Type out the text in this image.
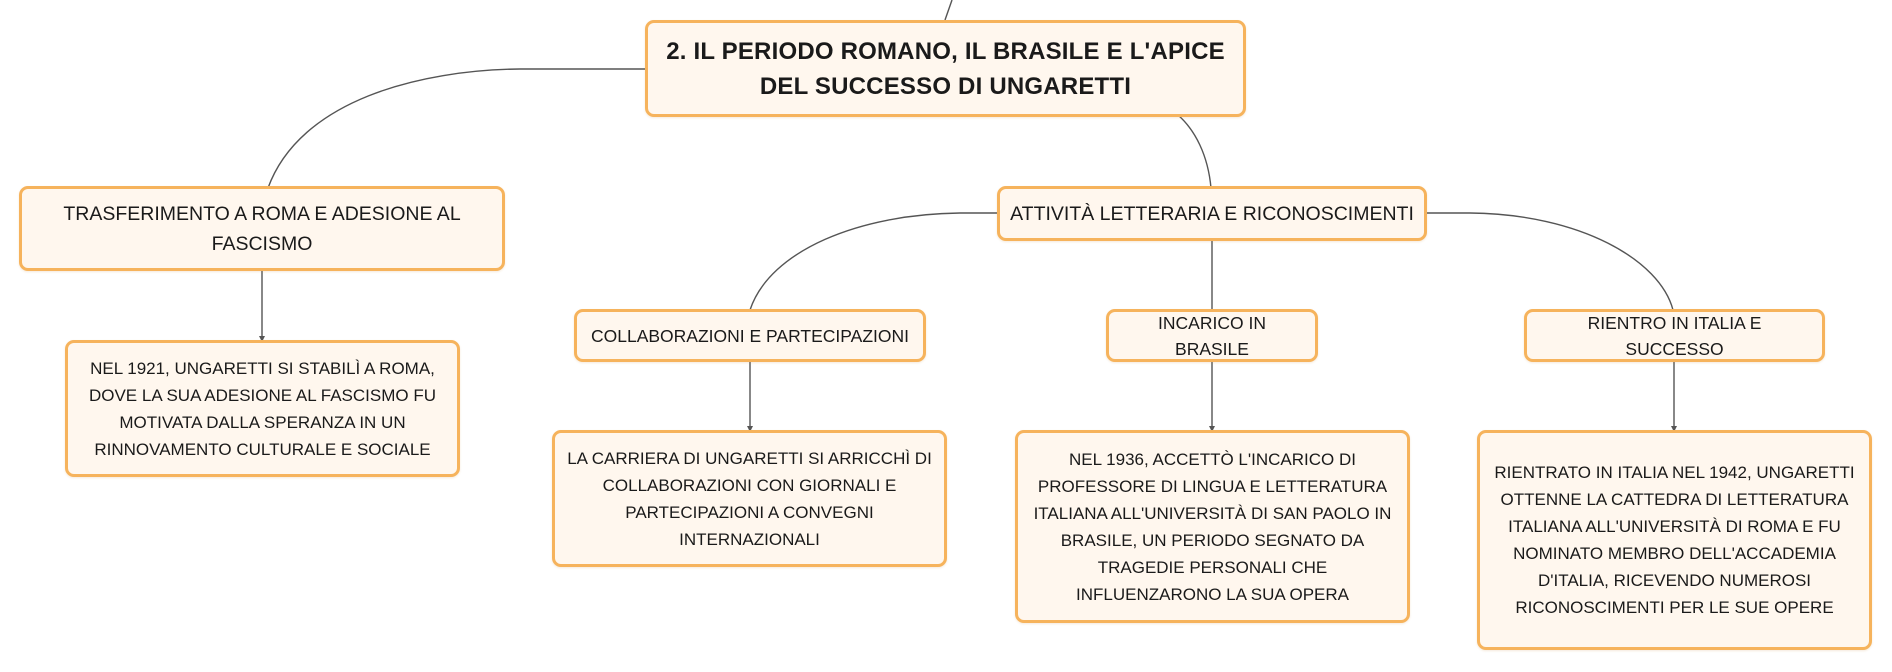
2. IL PERIODO ROMANO, IL BRASILE E L'APICE DEL SUCCESSO DI UNGARETTI
TRASFERIMENTO A ROMA E ADESIONE AL FASCISMO
ATTIVITÀ LETTERARIA E RICONOSCIMENTI
NEL 1921, UNGARETTI SI STABILÌ A ROMA, DOVE LA SUA ADESIONE AL FASCISMO FU MOTIVATA DALLA SPERANZA IN UN RINNOVAMENTO CULTURALE E SOCIALE
COLLABORAZIONI E PARTECIPAZIONI
INCARICO IN BRASILE
RIENTRO IN ITALIA E SUCCESSO
LA CARRIERA DI UNGARETTI SI ARRICCHÌ DI COLLABORAZIONI CON GIORNALI E PARTECIPAZIONI A CONVEGNI INTERNAZIONALI
NEL 1936, ACCETTÒ L'INCARICO DI PROFESSORE DI LINGUA E LETTERATURA ITALIANA ALL'UNIVERSITÀ DI SAN PAOLO IN BRASILE, UN PERIODO SEGNATO DA TRAGEDIE PERSONALI CHE INFLUENZARONO LA SUA OPERA
RIENTRATO IN ITALIA NEL 1942, UNGARETTI OTTENNE LA CATTEDRA DI LETTERATURA ITALIANA ALL'UNIVERSITÀ DI ROMA E FU NOMINATO MEMBRO DELL'ACCADEMIA D'ITALIA, RICEVENDO NUMEROSI RICONOSCIMENTI PER LE SUE OPERE
